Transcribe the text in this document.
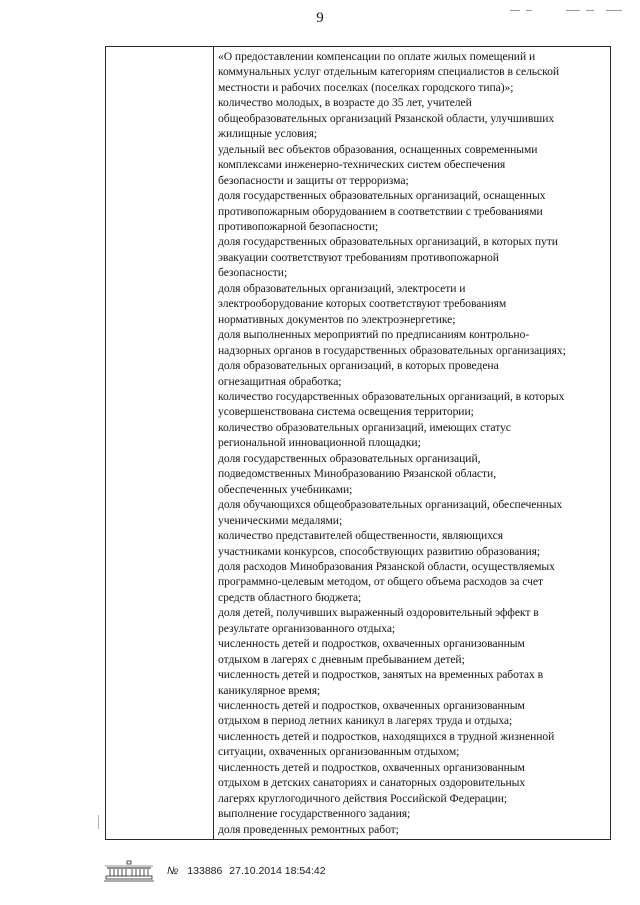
9
«О предоставлении компенсации по оплате жилых помещений и
коммунальных услуг отдельным категориям специалистов в сельской
местности и рабочих поселках (поселках городского типа)»;
количество молодых, в возрасте до 35 лет, учителей
общеобразовательных организаций Рязанской области, улучшивших
жилищные условия;
удельный вес объектов образования, оснащенных современными
комплексами инженерно-технических систем обеспечения
безопасности и защиты от терроризма;
доля государственных образовательных организаций, оснащенных
противопожарным оборудованием в соответствии с требованиями
противопожарной безопасности;
доля государственных образовательных организаций, в которых пути
эвакуации соответствуют требованиям противопожарной
безопасности;
доля образовательных организаций, электросети и
электрооборудование которых соответствуют требованиям
нормативных документов по электроэнергетике;
доля выполненных мероприятий по предписаниям контрольно-
надзорных органов в государственных образовательных организациях;
доля образовательных организаций, в которых проведена
огнезащитная обработка;
количество государственных образовательных организаций, в которых
усовершенствована система освещения территории;
количество образовательных организаций, имеющих статус
региональной инновационной площадки;
доля государственных образовательных организаций,
подведомственных Минобразованию Рязанской области,
обеспеченных учебниками;
доля обучающихся общеобразовательных организаций, обеспеченных
ученическими медалями;
количество представителей общественности, являющихся
участниками конкурсов, способствующих развитию образования;
доля расходов Минобразования Рязанской области, осуществляемых
программно-целевым методом, от общего объема расходов за счет
средств областного бюджета;
доля детей, получивших выраженный оздоровительный эффект в
результате организованного отдыха;
численность детей и подростков, охваченных организованным
отдыхом в лагерях с дневным пребыванием детей;
численность детей и подростков, занятых на временных работах в
каникулярное время;
численность детей и подростков, охваченных организованным
отдыхом в период летних каникул в лагерях труда и отдыха;
численность детей и подростков, находящихся в трудной жизненной
ситуации, охваченных организованным отдыхом;
численность детей и подростков, охваченных организованным
отдыхом в детских санаториях и санаторных оздоровительных
лагерях круглогодичного действия Российской Федерации;
выполнение государственного задания;
доля проведенных ремонтных работ;
№ 133886 27.10.2014 18:54:42
